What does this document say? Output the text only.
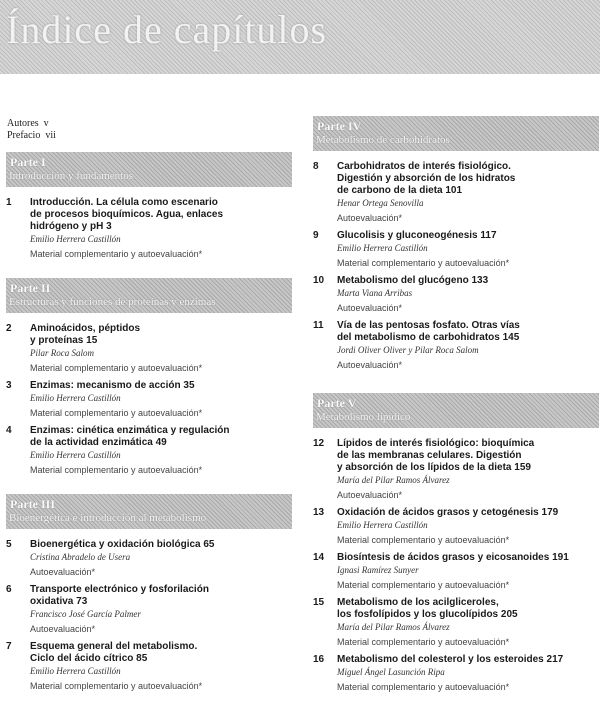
Índice de capítulos
Autores v
Prefacio vii
Parte I
Introducción y fundamentos
1 Introducción. La célula como escenario
de procesos bioquímicos. Agua, enlaces
hidrógeno y pH 3
Emilio Herrera Castillón
Material complementario y autoevaluación*
Parte II
Estructuras y funciones de proteínas y enzimas
2 Aminoácidos, péptidos
y proteínas 15
Pilar Roca Salom
Material complementario y autoevaluación*
3 Enzimas: mecanismo de acción 35
Emilio Herrera Castillón
Material complementario y autoevaluación*
4 Enzimas: cinética enzimática y regulación
de la actividad enzimática 49
Emilio Herrera Castillón
Material complementario y autoevaluación*
Parte III
Bioenergética e introducción al metabolismo
5 Bioenergética y oxidación biológica 65
Cristina Abradelo de Usera
Autoevaluación*
6 Transporte electrónico y fosforilación
oxidativa 73
Francisco José García Palmer
Autoevaluación*
7 Esquema general del metabolismo.
Ciclo del ácido cítrico 85
Emilio Herrera Castillón
Material complementario y autoevaluación*
Parte IV
Metabolismo de carbohidratos
8 Carbohidratos de interés fisiológico.
Digestión y absorción de los hidratos
de carbono de la dieta 101
Henar Ortega Senovilla
Autoevaluación*
9 Glucolisis y gluconeogénesis 117
Emilio Herrera Castillón
Material complementario y autoevaluación*
10 Metabolismo del glucógeno 133
Marta Viana Arribas
Autoevaluación*
11 Vía de las pentosas fosfato. Otras vías
del metabolismo de carbohidratos 145
Jordi Oliver Oliver y Pilar Roca Salom
Autoevaluación*
Parte V
Metabolismo lipídico
12 Lípidos de interés fisiológico: bioquímica
de las membranas celulares. Digestión
y absorción de los lípidos de la dieta 159
María del Pilar Ramos Álvarez
Autoevaluación*
13 Oxidación de ácidos grasos y cetogénesis 179
Emilio Herrera Castillón
Material complementario y autoevaluación*
14 Biosíntesis de ácidos grasos y eicosanoides 191
Ignasi Ramírez Sunyer
Material complementario y autoevaluación*
15 Metabolismo de los acilgliceroles,
los fosfolípidos y los glucolípidos 205
María del Pilar Ramos Álvarez
Material complementario y autoevaluación*
16 Metabolismo del colesterol y los esteroides 217
Miguel Ángel Lasunción Ripa
Material complementario y autoevaluación*
